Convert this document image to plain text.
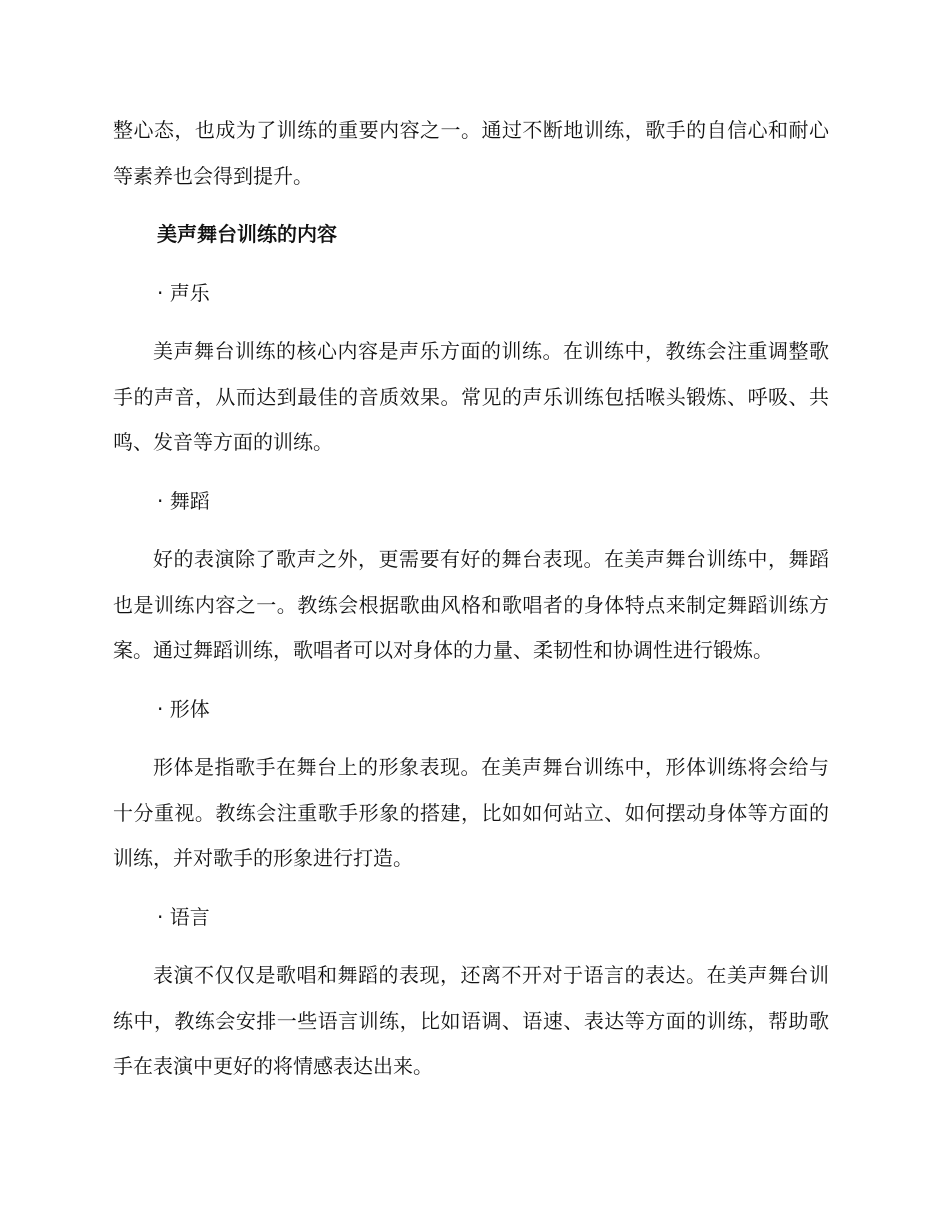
整心态，也成为了训练的重要内容之一。通过不断地训练，歌手的自信心和耐心等素养也会得到提升。

美声舞台训练的内容

· 声乐

美声舞台训练的核心内容是声乐方面的训练。在训练中，教练会注重调整歌手的声音，从而达到最佳的音质效果。常见的声乐训练包括喉头锻炼、呼吸、共鸣、发音等方面的训练。

· 舞蹈

好的表演除了歌声之外，更需要有好的舞台表现。在美声舞台训练中，舞蹈也是训练内容之一。教练会根据歌曲风格和歌唱者的身体特点来制定舞蹈训练方案。通过舞蹈训练，歌唱者可以对身体的力量、柔韧性和协调性进行锻炼。

· 形体

形体是指歌手在舞台上的形象表现。在美声舞台训练中，形体训练将会给与十分重视。教练会注重歌手形象的搭建，比如如何站立、如何摆动身体等方面的训练，并对歌手的形象进行打造。

· 语言

表演不仅仅是歌唱和舞蹈的表现，还离不开对于语言的表达。在美声舞台训练中，教练会安排一些语言训练，比如语调、语速、表达等方面的训练，帮助歌手在表演中更好的将情感表达出来。
